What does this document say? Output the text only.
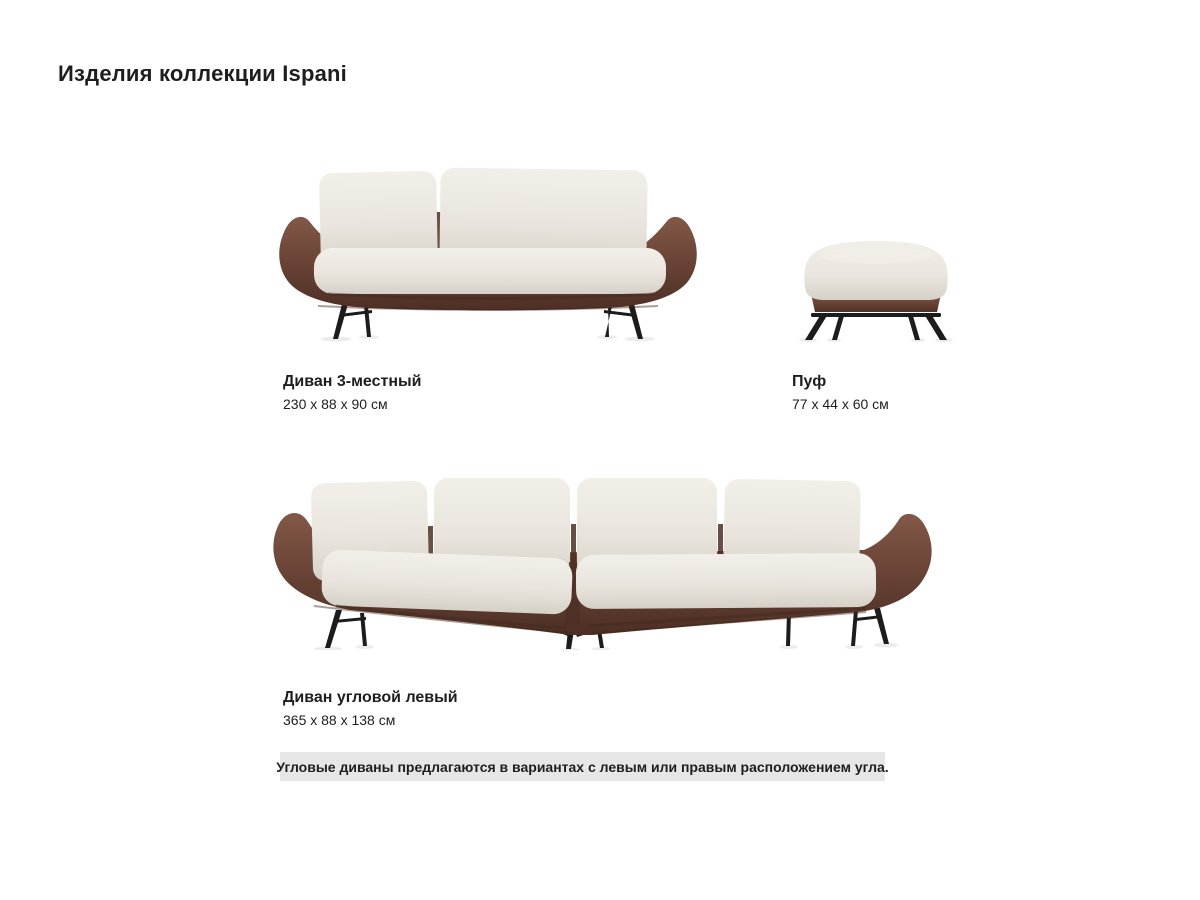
Изделия коллекции Ispani
Диван 3-местный
230 x 88 x 90 см
Пуф
77 x 44 x 60 см
Диван угловой левый
365 x 88 x 138 см
Угловые диваны предлагаются в вариантах с левым или правым расположением угла.
